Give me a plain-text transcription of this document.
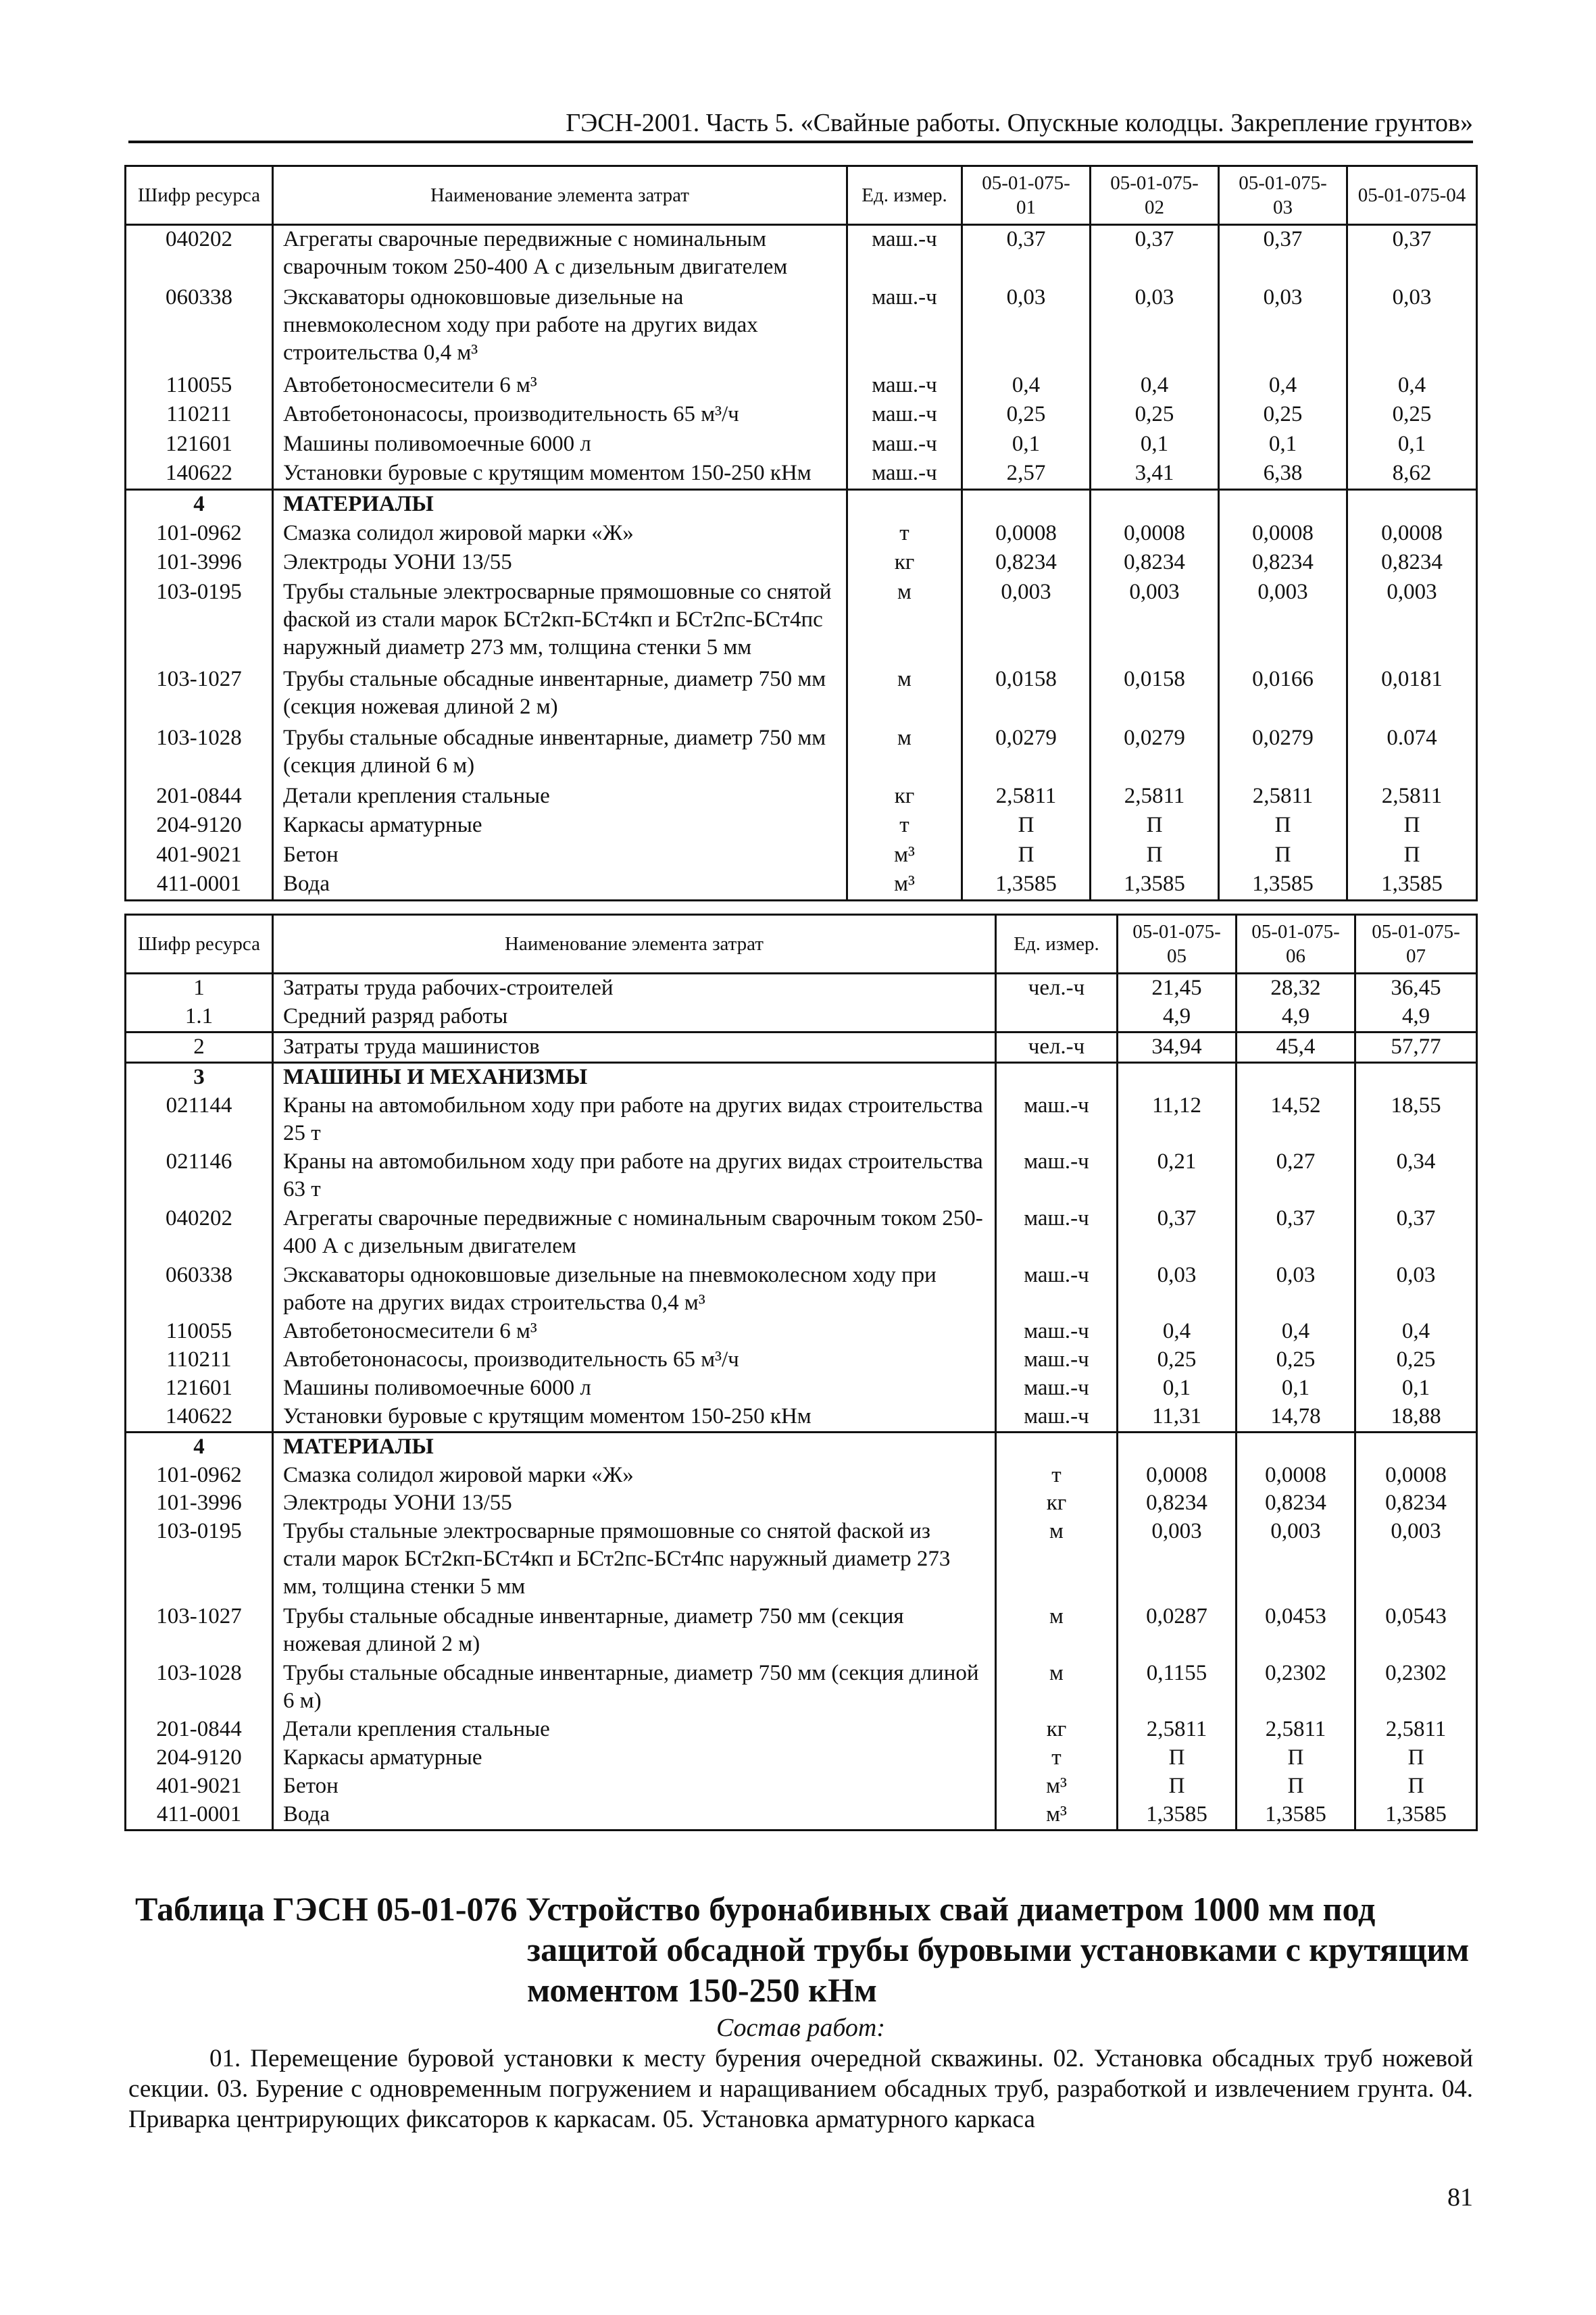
ГЭСН-2001. Часть 5. «Свайные работы. Опускные колодцы. Закрепление грунтов»
Шифр ресурса	Наименование элемента затрат	Ед. измер.	05-01-075-01	05-01-075-02	05-01-075-03	05-01-075-04
040202	Агрегаты сварочные передвижные с номинальным сварочным током 250-400 А с дизельным двигателем	маш.-ч	0,37	0,37	0,37	0,37
060338	Экскаваторы одноковшовые дизельные на пневмоколесном ходу при работе на других видах строительства 0,4 м³	маш.-ч	0,03	0,03	0,03	0,03
110055	Автобетоносмесители 6 м³	маш.-ч	0,4	0,4	0,4	0,4
110211	Автобетононасосы, производительность 65 м³/ч	маш.-ч	0,25	0,25	0,25	0,25
121601	Машины поливомоечные 6000 л	маш.-ч	0,1	0,1	0,1	0,1
140622	Установки буровые с крутящим моментом 150-250 кНм	маш.-ч	2,57	3,41	6,38	8,62
4	МАТЕРИАЛЫ					
101-0962	Смазка солидол жировой марки «Ж»	т	0,0008	0,0008	0,0008	0,0008
101-3996	Электроды УОНИ 13/55	кг	0,8234	0,8234	0,8234	0,8234
103-0195	Трубы стальные электросварные прямошовные со снятой фаской из стали марок БСт2кп-БСт4кп и БСт2пс-БСт4пс наружный диаметр 273 мм, толщина стенки 5 мм	м	0,003	0,003	0,003	0,003
103-1027	Трубы стальные обсадные инвентарные, диаметр 750 мм (секция ножевая длиной 2 м)	м	0,0158	0,0158	0,0166	0,0181
103-1028	Трубы стальные обсадные инвентарные, диаметр 750 мм (секция длиной 6 м)	м	0,0279	0,0279	0,0279	0.074
201-0844	Детали крепления стальные	кг	2,5811	2,5811	2,5811	2,5811
204-9120	Каркасы арматурные	т	П	П	П	П
401-9021	Бетон	м³	П	П	П	П
411-0001	Вода	м³	1,3585	1,3585	1,3585	1,3585
Шифр ресурса	Наименование элемента затрат	Ед. измер.	05-01-075-05	05-01-075-06	05-01-075-07
1	Затраты труда рабочих-строителей	чел.-ч	21,45	28,32	36,45
1.1	Средний разряд работы		4,9	4,9	4,9
2	Затраты труда машинистов	чел.-ч	34,94	45,4	57,77
3	МАШИНЫ И МЕХАНИЗМЫ				
021144	Краны на автомобильном ходу при работе на других видах строительства 25 т	маш.-ч	11,12	14,52	18,55
021146	Краны на автомобильном ходу при работе на других видах строительства 63 т	маш.-ч	0,21	0,27	0,34
040202	Агрегаты сварочные передвижные с номинальным сварочным током 250-400 А с дизельным двигателем	маш.-ч	0,37	0,37	0,37
060338	Экскаваторы одноковшовые дизельные на пневмоколесном ходу при работе на других видах строительства 0,4 м³	маш.-ч	0,03	0,03	0,03
110055	Автобетоносмесители 6 м³	маш.-ч	0,4	0,4	0,4
110211	Автобетононасосы, производительность 65 м³/ч	маш.-ч	0,25	0,25	0,25
121601	Машины поливомоечные 6000 л	маш.-ч	0,1	0,1	0,1
140622	Установки буровые с крутящим моментом 150-250 кНм	маш.-ч	11,31	14,78	18,88
4	МАТЕРИАЛЫ				
101-0962	Смазка солидол жировой марки «Ж»	т	0,0008	0,0008	0,0008
101-3996	Электроды УОНИ 13/55	кг	0,8234	0,8234	0,8234
103-0195	Трубы стальные электросварные прямошовные со снятой фаской из стали марок БСт2кп-БСт4кп и БСт2пс-БСт4пс наружный диаметр 273 мм, толщина стенки 5 мм	м	0,003	0,003	0,003
103-1027	Трубы стальные обсадные инвентарные, диаметр 750 мм (секция ножевая длиной 2 м)	м	0,0287	0,0453	0,0543
103-1028	Трубы стальные обсадные инвентарные, диаметр 750 мм (секция длиной 6 м)	м	0,1155	0,2302	0,2302
201-0844	Детали крепления стальные	кг	2,5811	2,5811	2,5811
204-9120	Каркасы арматурные	т	П	П	П
401-9021	Бетон	м³	П	П	П
411-0001	Вода	м³	1,3585	1,3585	1,3585
Таблица ГЭСН 05-01-076 Устройство буронабивных свай диаметром 1000 мм под
защитой обсадной трубы буровыми установками с крутящим
моментом 150-250 кНм
Состав работ:
01. Перемещение буровой установки к месту бурения очередной скважины. 02. Установка обсадных труб ножевой секции. 03. Бурение с одновременным погружением и наращиванием обсадных труб, разработкой и извлечением грунта. 04. Приварка центрирующих фиксаторов к каркасам. 05. Установка арматурного каркаса
81
